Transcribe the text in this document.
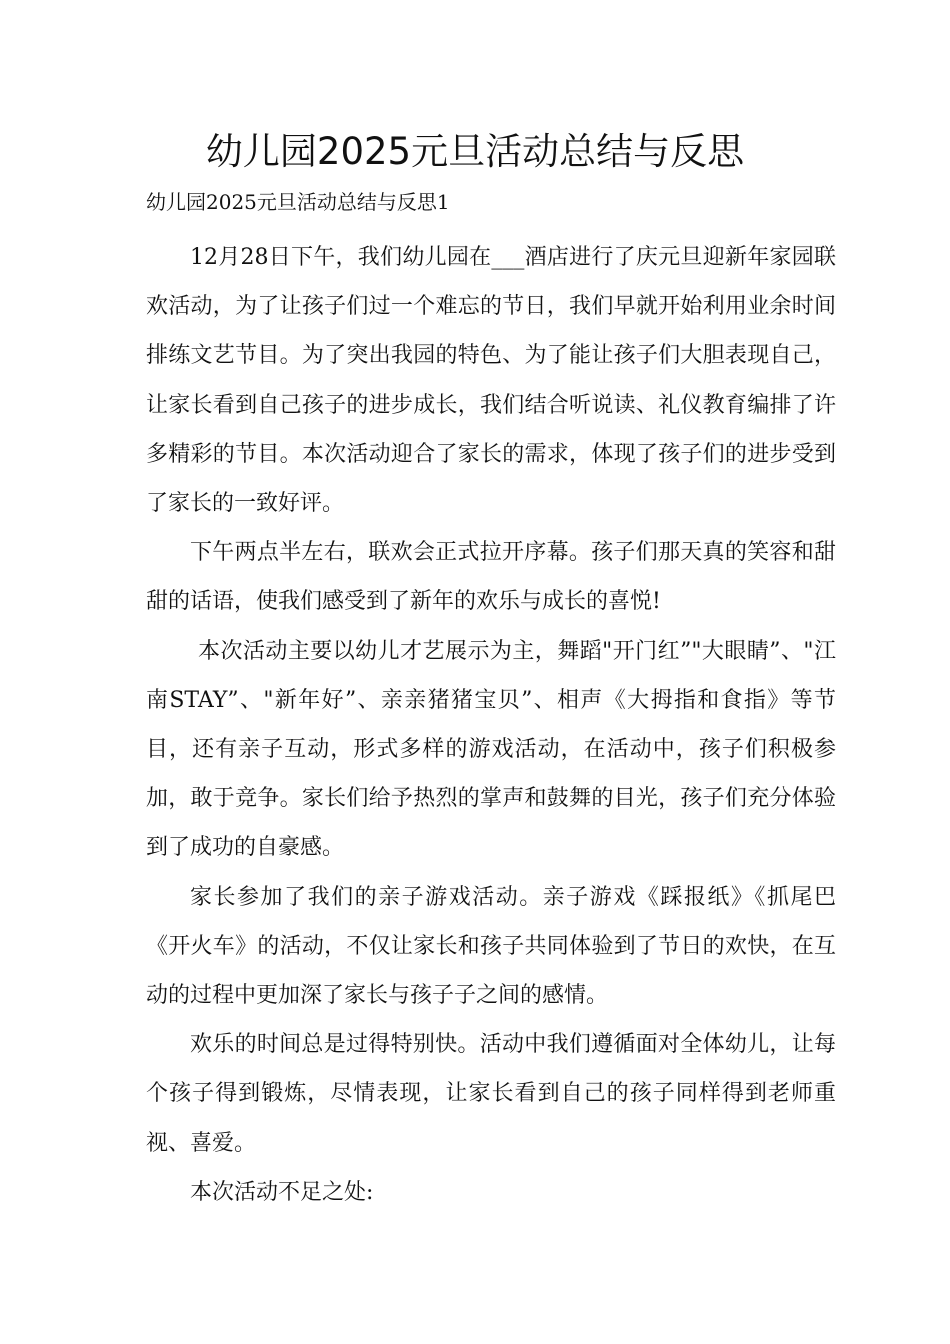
幼儿园2025元旦活动总结与反思

幼儿园2025元旦活动总结与反思1

12月28日下午，我们幼儿园在___酒店进行了庆元旦迎新年家园联欢活动，为了让孩子们过一个难忘的节日，我们早就开始利用业余时间排练文艺节目。为了突出我园的特色、为了能让孩子们大胆表现自己，让家长看到自己孩子的进步成长，我们结合听说读、礼仪教育编排了许多精彩的节目。本次活动迎合了家长的需求，体现了孩子们的进步受到了家长的一致好评。

下午两点半左右，联欢会正式拉开序幕。孩子们那天真的笑容和甜甜的话语，使我们感受到了新年的欢乐与成长的喜悦!

本次活动主要以幼儿才艺展示为主，舞蹈"开门红”"大眼睛”、"江南STAY”、"新年好”、亲亲猪猪宝贝”、相声《大拇指和食指》等节目，还有亲子互动，形式多样的游戏活动，在活动中，孩子们积极参加，敢于竞争。家长们给予热烈的掌声和鼓舞的目光，孩子们充分体验到了成功的自豪感。

家长参加了我们的亲子游戏活动。亲子游戏《踩报纸》《抓尾巴《开火车》的活动，不仅让家长和孩子共同体验到了节日的欢快，在互动的过程中更加深了家长与孩子子之间的感情。

欢乐的时间总是过得特别快。活动中我们遵循面对全体幼儿，让每个孩子得到锻炼，尽情表现，让家长看到自己的孩子同样得到老师重视、喜爱。

本次活动不足之处:
